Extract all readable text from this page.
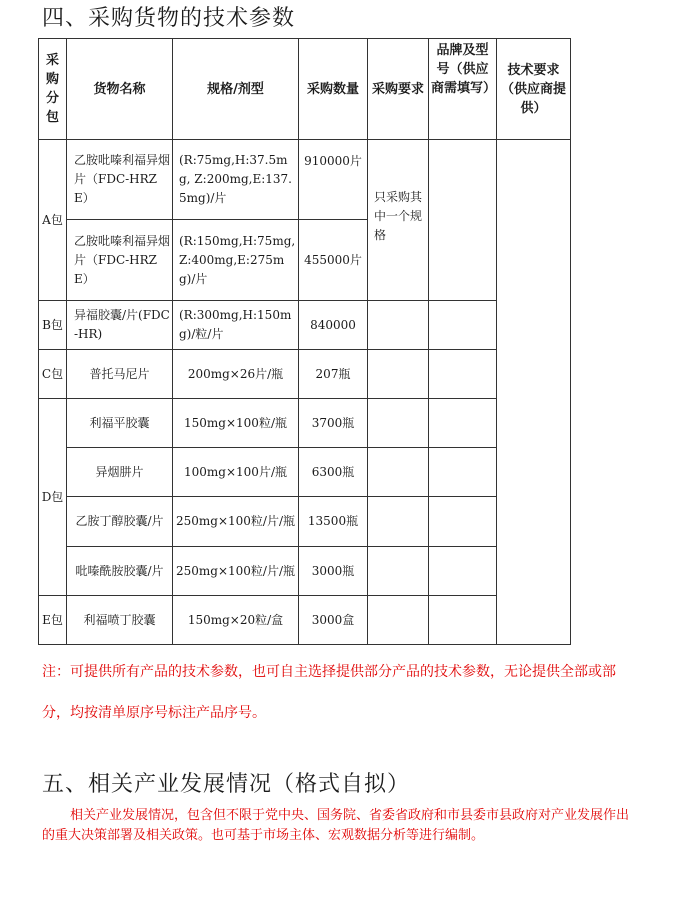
四、采购货物的技术参数
采购分包	货物名称	规格/剂型	采购数量	采购要求	品牌及型号（供应商需填写）	技术要求（供应商提供）
A包	乙胺吡嗪利福异烟片（FDC-HRZE）	(R:75mg,H:37.5mg, Z:200mg,E:137.5mg)/片	910000片	只采购其中一个规格		
	乙胺吡嗪利福异烟片（FDC-HRZE）	(R:150mg,H:75mg, Z:400mg,E:275mg)/片	455000片			
B包	异福胶囊/片(FDC-HR)	(R:300mg,H:150mg)/粒/片	840000			
C包	普托马尼片	200mg×26片/瓶	207瓶			
D包	利福平胶囊	150mg×100粒/瓶	3700瓶			
	异烟肼片	100mg×100片/瓶	6300瓶			
	乙胺丁醇胶囊/片	250mg×100粒/片/瓶	13500瓶			
	吡嗪酰胺胶囊/片	250mg×100粒/片/瓶	3000瓶			
E包	利福喷丁胶囊	150mg×20粒/盒	3000盒			
注：可提供所有产品的技术参数，也可自主选择提供部分产品的技术参数，无论提供全部或部分，均按清单原序号标注产品序号。
五、相关产业发展情况（格式自拟）
相关产业发展情况，包含但不限于党中央、国务院、省委省政府和市县委市县政府对产业发展作出的重大决策部署及相关政策。也可基于市场主体、宏观数据分析等进行编制。
